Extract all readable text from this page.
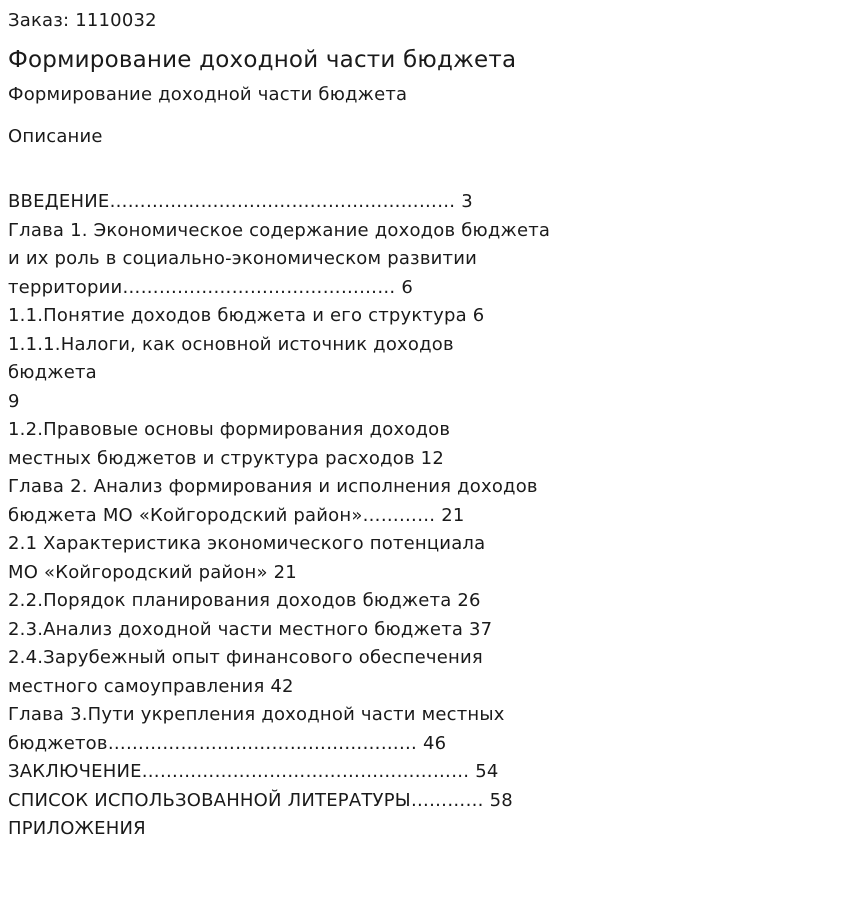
Заказ: 1110032

Формирование доходной части бюджета
Формирование доходной части бюджета
Описание
ВВЕДЕНИЕ………………………………………………… 3
Глава 1. Экономическое содержание доходов бюджета
и их роль в социально-экономическом развитии
территории……………………………………… 6
1.1.Понятие доходов бюджета и его структура 6
1.1.1.Налоги, как основной источник доходов
бюджета
9
1.2.Правовые основы формирования доходов
местных бюджетов и структура расходов 12
Глава 2. Анализ формирования и исполнения доходов
бюджета МО «Койгородский район»………… 21
2.1 Характеристика экономического потенциала
МО «Койгородский район» 21
2.2.Порядок планирования доходов бюджета 26
2.3.Анализ доходной части местного бюджета 37
2.4.Зарубежный опыт финансового обеспечения
местного самоуправления 42
Глава 3.Пути укрепления доходной части местных
бюджетов…………………………………………… 46
ЗАКЛЮЧЕНИЕ……………………………………………… 54
СПИСОК ИСПОЛЬЗОВАННОЙ ЛИТЕРАТУРЫ………… 58
ПРИЛОЖЕНИЯ
